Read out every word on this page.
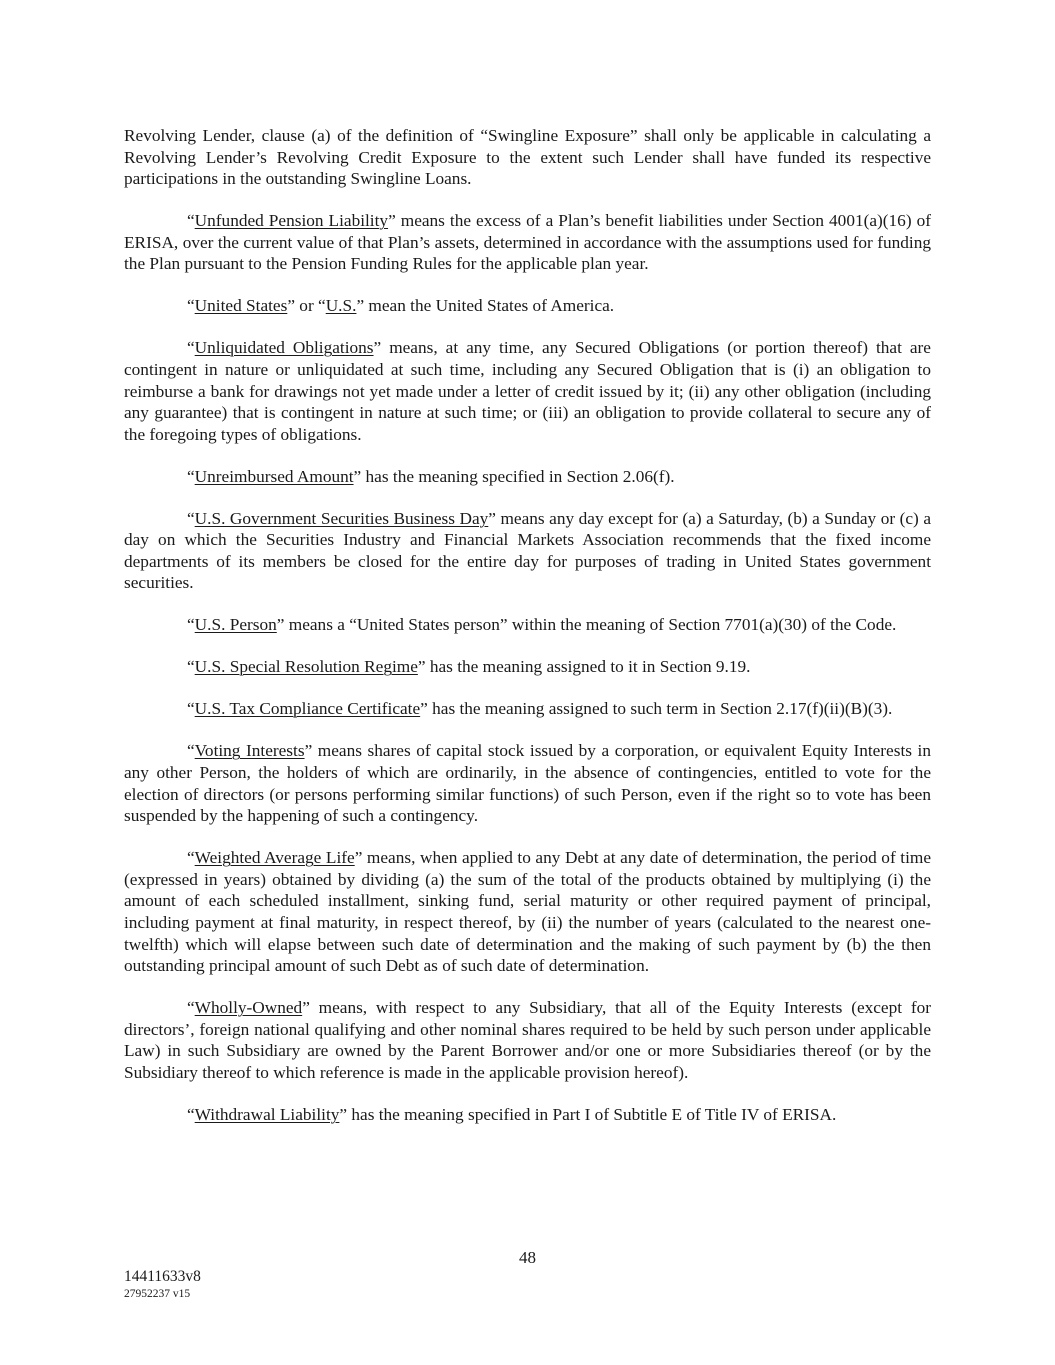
Revolving Lender, clause (a) of the definition of “Swingline Exposure” shall only be applicable in calculating a Revolving Lender’s Revolving Credit Exposure to the extent such Lender shall have funded its respective participations in the outstanding Swingline Loans.

“Unfunded Pension Liability” means the excess of a Plan’s benefit liabilities under Section 4001(a)(16) of ERISA, over the current value of that Plan’s assets, determined in accordance with the assumptions used for funding the Plan pursuant to the Pension Funding Rules for the applicable plan year.

“United States” or “U.S.” mean the United States of America.

“Unliquidated Obligations” means, at any time, any Secured Obligations (or portion thereof) that are contingent in nature or unliquidated at such time, including any Secured Obligation that is (i) an obligation to reimburse a bank for drawings not yet made under a letter of credit issued by it; (ii) any other obligation (including any guarantee) that is contingent in nature at such time; or (iii) an obligation to provide collateral to secure any of the foregoing types of obligations.

“Unreimbursed Amount” has the meaning specified in Section 2.06(f).

“U.S. Government Securities Business Day” means any day except for (a) a Saturday, (b) a Sunday or (c) a day on which the Securities Industry and Financial Markets Association recommends that the fixed income departments of its members be closed for the entire day for purposes of trading in United States government securities.

“U.S. Person” means a “United States person” within the meaning of Section 7701(a)(30) of the Code.

“U.S. Special Resolution Regime” has the meaning assigned to it in Section 9.19.

“U.S. Tax Compliance Certificate” has the meaning assigned to such term in Section 2.17(f)(ii)(B)(3).

“Voting Interests” means shares of capital stock issued by a corporation, or equivalent Equity Interests in any other Person, the holders of which are ordinarily, in the absence of contingencies, entitled to vote for the election of directors (or persons performing similar functions) of such Person, even if the right so to vote has been suspended by the happening of such a contingency.

“Weighted Average Life” means, when applied to any Debt at any date of determination, the period of time (expressed in years) obtained by dividing (a) the sum of the total of the products obtained by multiplying (i) the amount of each scheduled installment, sinking fund, serial maturity or other required payment of principal, including payment at final maturity, in respect thereof, by (ii) the number of years (calculated to the nearest one-twelfth) which will elapse between such date of determination and the making of such payment by (b) the then outstanding principal amount of such Debt as of such date of determination.

“Wholly-Owned” means, with respect to any Subsidiary, that all of the Equity Interests (except for directors’, foreign national qualifying and other nominal shares required to be held by such person under applicable Law) in such Subsidiary are owned by the Parent Borrower and/or one or more Subsidiaries thereof (or by the Subsidiary thereof to which reference is made in the applicable provision hereof).

“Withdrawal Liability” has the meaning specified in Part I of Subtitle E of Title IV of ERISA.

48
14411633v8
27952237 v15
